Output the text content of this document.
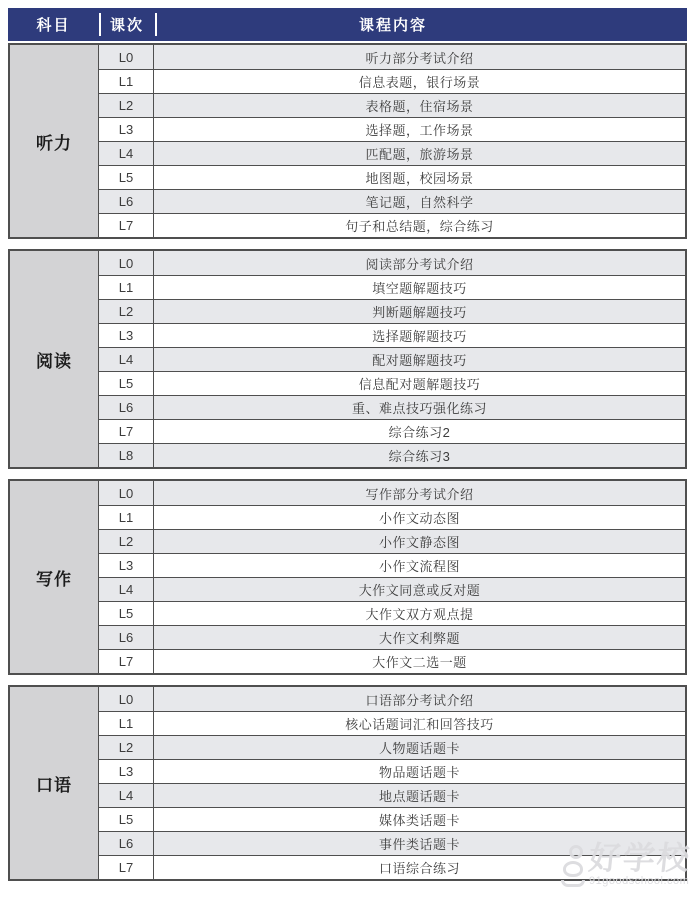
科目	课次	课程内容
听力
L0	听力部分考试介绍
L1	信息表题，银行场景
L2	表格题，住宿场景
L3	选择题，工作场景
L4	匹配题，旅游场景
L5	地图题，校园场景
L6	笔记题，自然科学
L7	句子和总结题，综合练习
阅读
L0	阅读部分考试介绍
L1	填空题解题技巧
L2	判断题解题技巧
L3	选择题解题技巧
L4	配对题解题技巧
L5	信息配对题解题技巧
L6	重、难点技巧强化练习
L7	综合练习2
L8	综合练习3
写作
L0	写作部分考试介绍
L1	小作文动态图
L2	小作文静态图
L3	小作文流程图
L4	大作文同意或反对题
L5	大作文双方观点提
L6	大作文利弊题
L7	大作文二选一题
口语
L0	口语部分考试介绍
L1	核心话题词汇和回答技巧
L2	人物题话题卡
L3	物品题话题卡
L4	地点题话题卡
L5	媒体类话题卡
L6	事件类话题卡
L7	口语综合练习	好学校
91goodschool.com
